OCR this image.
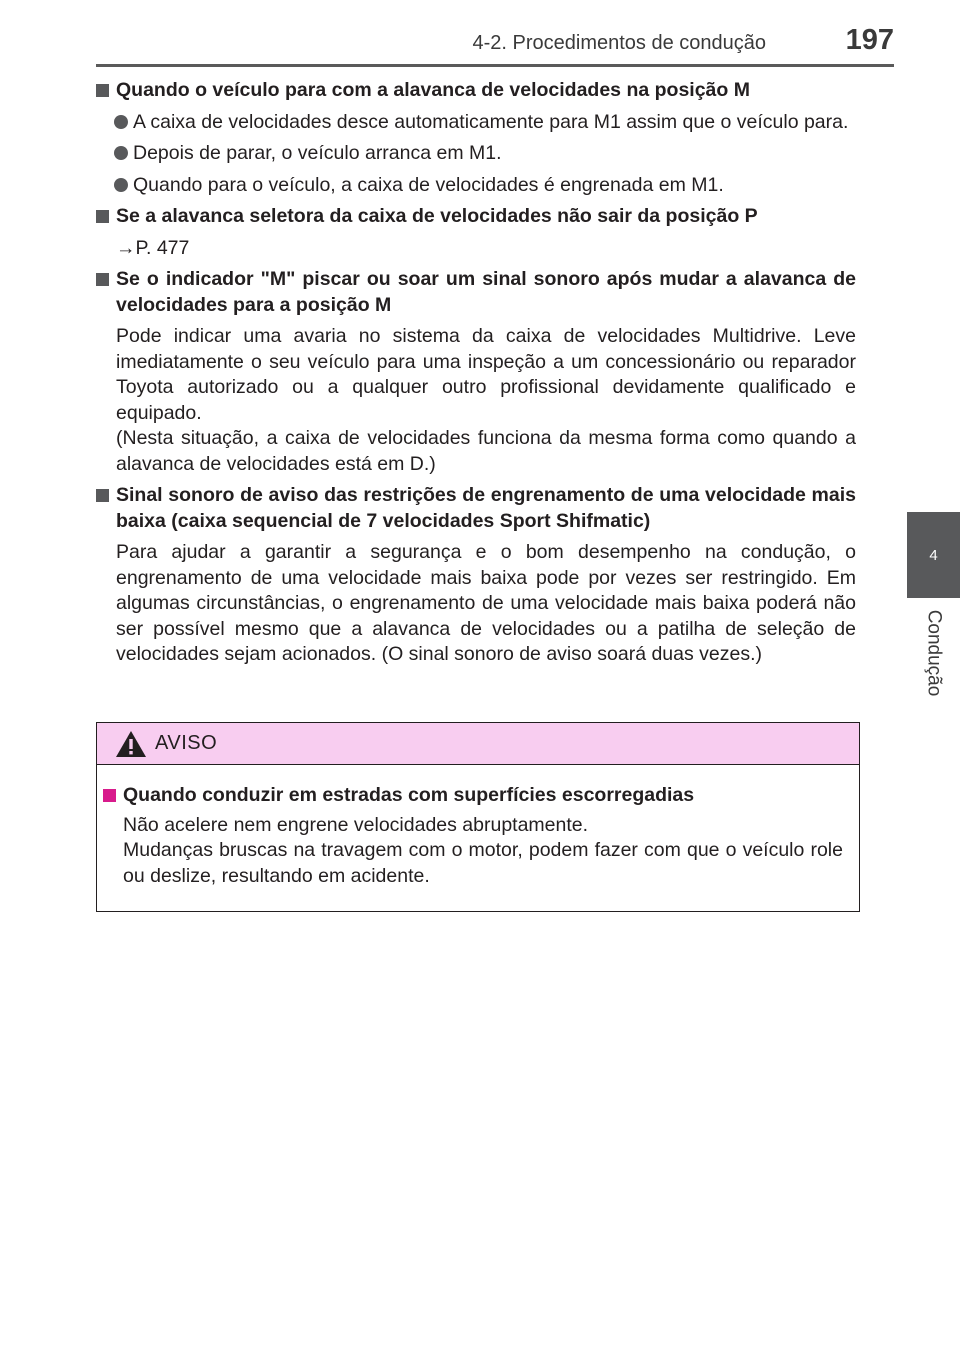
4-2. Procedimentos de condução	197
4
Condução
Quando o veículo para com a alavanca de velocidades na posição M
A caixa de velocidades desce automaticamente para M1 assim que o veículo para.
Depois de parar, o veículo arranca em M1.
Quando para o veículo, a caixa de velocidades é engrenada em M1.
Se a alavanca seletora da caixa de velocidades não sair da posição P
→P. 477
Se o indicador "M" piscar ou soar um sinal sonoro após mudar a alavanca de velocidades para a posição M
Pode indicar uma avaria no sistema da caixa de velocidades Multidrive. Leve imediatamente o seu veículo para uma inspeção a um concessionário ou reparador Toyota autorizado ou a qualquer outro profissional devidamente qualificado e equipado.
(Nesta situação, a caixa de velocidades funciona da mesma forma como quando a alavanca de velocidades está em D.)
Sinal sonoro de aviso das restrições de engrenamento de uma velocidade mais baixa (caixa sequencial de 7 velocidades Sport Shifmatic)
Para ajudar a garantir a segurança e o bom desempenho na condução, o engrenamento de uma velocidade mais baixa pode por vezes ser restringido. Em algumas circunstâncias, o engrenamento de uma velocidade mais baixa poderá não ser possível mesmo que a alavanca de velocidades ou a patilha de seleção de velocidades sejam acionados. (O sinal sonoro de aviso soará duas vezes.)
AVISO
Quando conduzir em estradas com superfícies escorregadias
Não acelere nem engrene velocidades abruptamente.
Mudanças bruscas na travagem com o motor, podem fazer com que o veículo role ou deslize, resultando em acidente.
